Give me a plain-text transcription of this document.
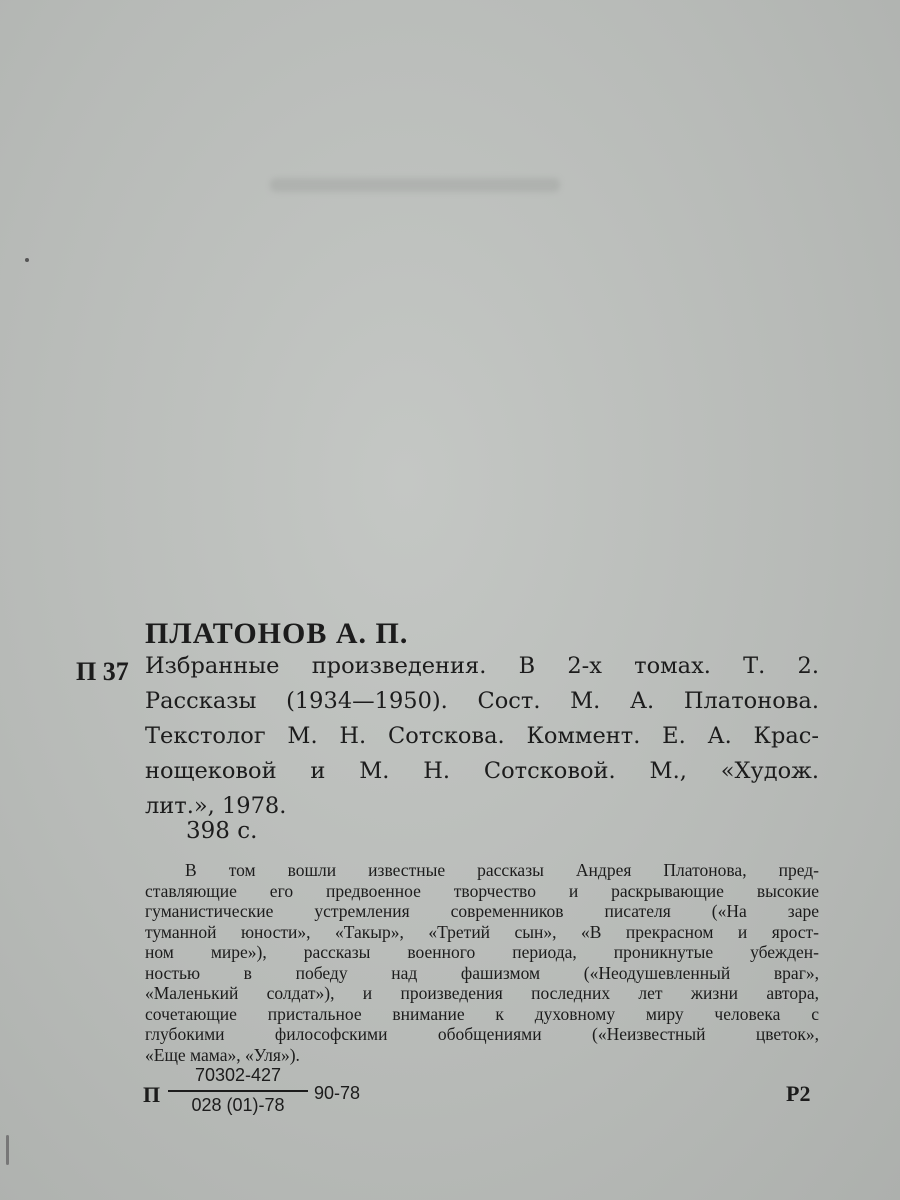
ПЛАТОНОВ А. П.
П 37 Избранные произведения. В 2-х томах. Т. 2.
Рассказы (1934—1950). Сост. М. А. Платонова.
Текстолог М. Н. Сотскова. Коммент. Е. А. Крас-
нощековой и М. Н. Сотсковой. М., «Худож.
лит.», 1978.
398 с.
В том вошли известные рассказы Андрея Платонова, пред-
ставляющие его предвоенное творчество и раскрывающие высокие
гуманистические устремления современников писателя («На заре
туманной юности», «Такыр», «Третий сын», «В прекрасном и ярост-
ном мире»), рассказы военного периода, проникнутые убежден-
ностью в победу над фашизмом («Неодушевленный враг»,
«Маленький солдат»), и произведения последних лет жизни автора,
сочетающие пристальное внимание к духовному миру человека с
глубокими философскими обобщениями («Неизвестный цветок»,
«Еще мама», «Уля»).
П
70302-427
028 (01)-78
90-78	Р2
